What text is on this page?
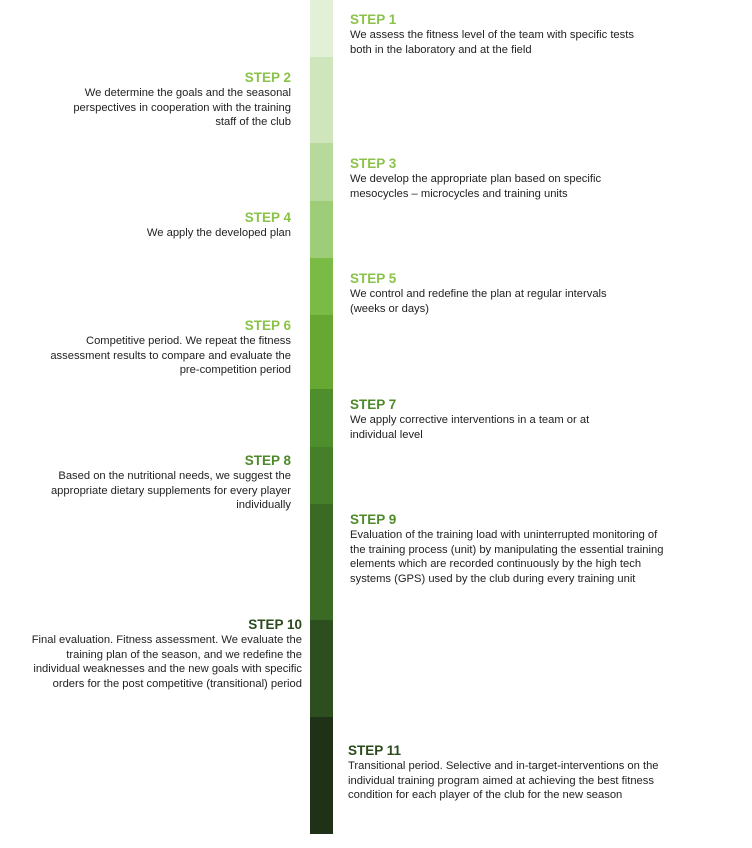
STEP 1
We assess the fitness level of the team with specific tests
both in the laboratory and at the field
STEP 2
We determine the goals and the seasonal
perspectives in cooperation with the training
staff of the club
STEP 3
We develop the appropriate plan based on specific
mesocycles – microcycles and training units
STEP 4
We apply the developed plan
STEP 5
We control and redefine the plan at regular intervals
(weeks or days)
STEP 6
Competitive period. We repeat the fitness
assessment results to compare and evaluate the
pre-competition period
STEP 7
We apply corrective interventions in a team or at
individual level
STEP 8
Based on the nutritional needs, we suggest the
appropriate dietary supplements for every player
individually
STEP 9
Evaluation of the training load with uninterrupted monitoring of
the training process (unit) by manipulating the essential training
elements which are recorded continuously by the high tech
systems (GPS) used by the club during every training unit
STEP 10
Final evaluation. Fitness assessment. We evaluate the
training plan of the season, and we redefine the
individual weaknesses and the new goals with specific
orders for the post competitive (transitional) period
STEP 11
Transitional period. Selective and in-target-interventions on the
individual training program aimed at achieving the best fitness
condition for each player of the club for the new season
